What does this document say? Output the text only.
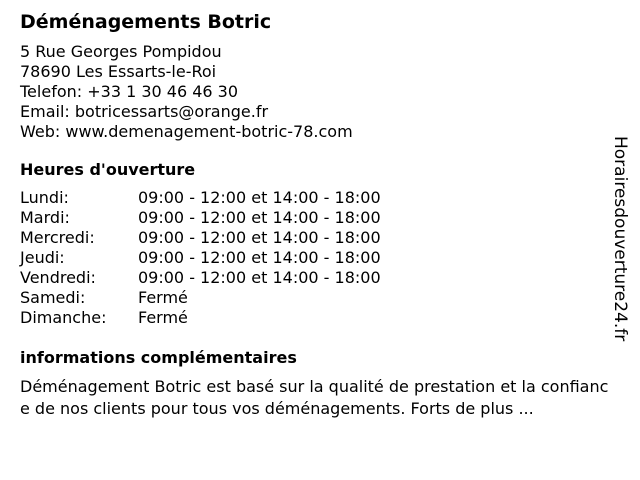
Déménagements Botric
5 Rue Georges Pompidou
78690 Les Essarts-le-Roi
Telefon: +33 1 30 46 46 30
Email: botricessarts@orange.fr
Web: www.demenagement-botric-78.com
Heures d'ouverture
Lundi:	09:00 - 12:00 et 14:00 - 18:00
Mardi:	09:00 - 12:00 et 14:00 - 18:00
Mercredi:	09:00 - 12:00 et 14:00 - 18:00
Jeudi:	09:00 - 12:00 et 14:00 - 18:00
Vendredi:	09:00 - 12:00 et 14:00 - 18:00
Samedi:	Fermé
Dimanche:	Fermé
informations complémentaires
Déménagement Botric est basé sur la qualité de prestation et la confiance de nos clients pour tous vos déménagements. Forts de plus ...
Horairesdouverture24.fr
